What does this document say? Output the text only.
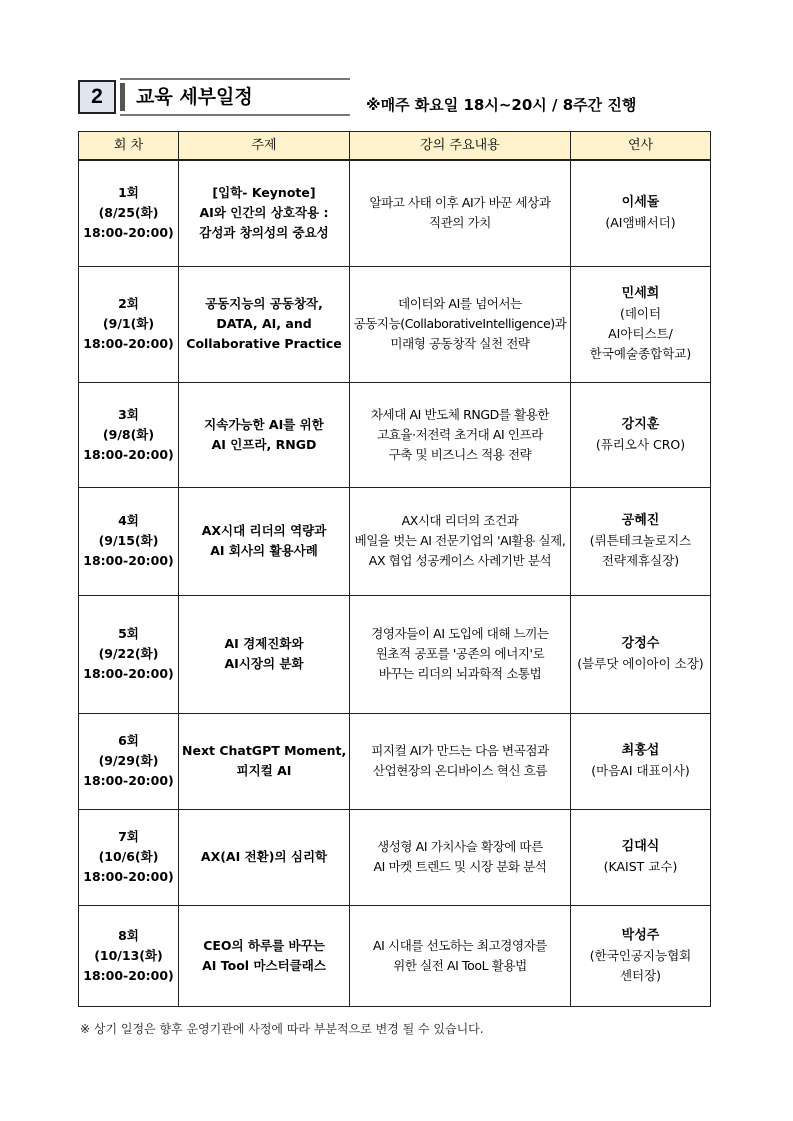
2	교육 세부일정	※매주 화요일 18시~20시 / 8주간 진행
회 차	주제	강의 주요내용	연사

1회
(8/25(화)
18:00-20:00)	[입학- Keynote]
AI와 인간의 상호작용 :
감성과 창의성의 중요성	알파고 사태 이후 AI가 바꾼 세상과
직관의 가치	이세돌
(AI앰배서더)

2회
(9/1(화)
18:00-20:00)	공동지능의 공동창작,
DATA, AI, and
Collaborative Practice	데이터와 AI를 넘어서는
공동지능(CollaborativeIntelligence)과
미래형 공동창작 실천 전략	민세희
(데이터
AI아티스트/
한국예술종합학교)

3회
(9/8(화)
18:00-20:00)	지속가능한 AI를 위한
AI 인프라, RNGD	차세대 AI 반도체 RNGD를 활용한
고효율·저전력 초거대 AI 인프라
구축 및 비즈니스 적용 전략	강지훈
(퓨리오사 CRO)

4회
(9/15(화)
18:00-20:00)	AX시대 리더의 역량과
AI 회사의 활용사례	AX시대 리더의 조건과
베일을 벗는 AI 전문기업의 'AI활용 실제,
AX 협업 성공케이스 사례기반 분석	공혜진
(뤼튼테크놀로지스
전략제휴실장)

5회
(9/22(화)
18:00-20:00)	AI 경제진화와
AI시장의 분화	경영자들이 AI 도입에 대해 느끼는
원초적 공포를 '공존의 에너지'로
바꾸는 리더의 뇌과학적 소통법	강정수
(블루닷 에이아이 소장)

6회
(9/29(화)
18:00-20:00)	Next ChatGPT Moment,
피지컬 AI	피지컬 AI가 만드는 다음 변곡점과
산업현장의 온디바이스 혁신 흐름	최홍섭
(마음AI 대표이사)

7회
(10/6(화)
18:00-20:00)	AX(AI 전환)의 심리학	생성형 AI 가치사슬 확장에 따른
AI 마켓 트렌드 및 시장 분화 분석	김대식
(KAIST 교수)

8회
(10/13(화)
18:00-20:00)	CEO의 하루를 바꾸는
AI Tool 마스터클래스	AI 시대를 선도하는 최고경영자를
위한 실전 AI TooL 활용법	박성주
(한국인공지능협회
센터장)
※ 상기 일정은 향후 운영기관에 사정에 따라 부분적으로 변경 될 수 있습니다.
